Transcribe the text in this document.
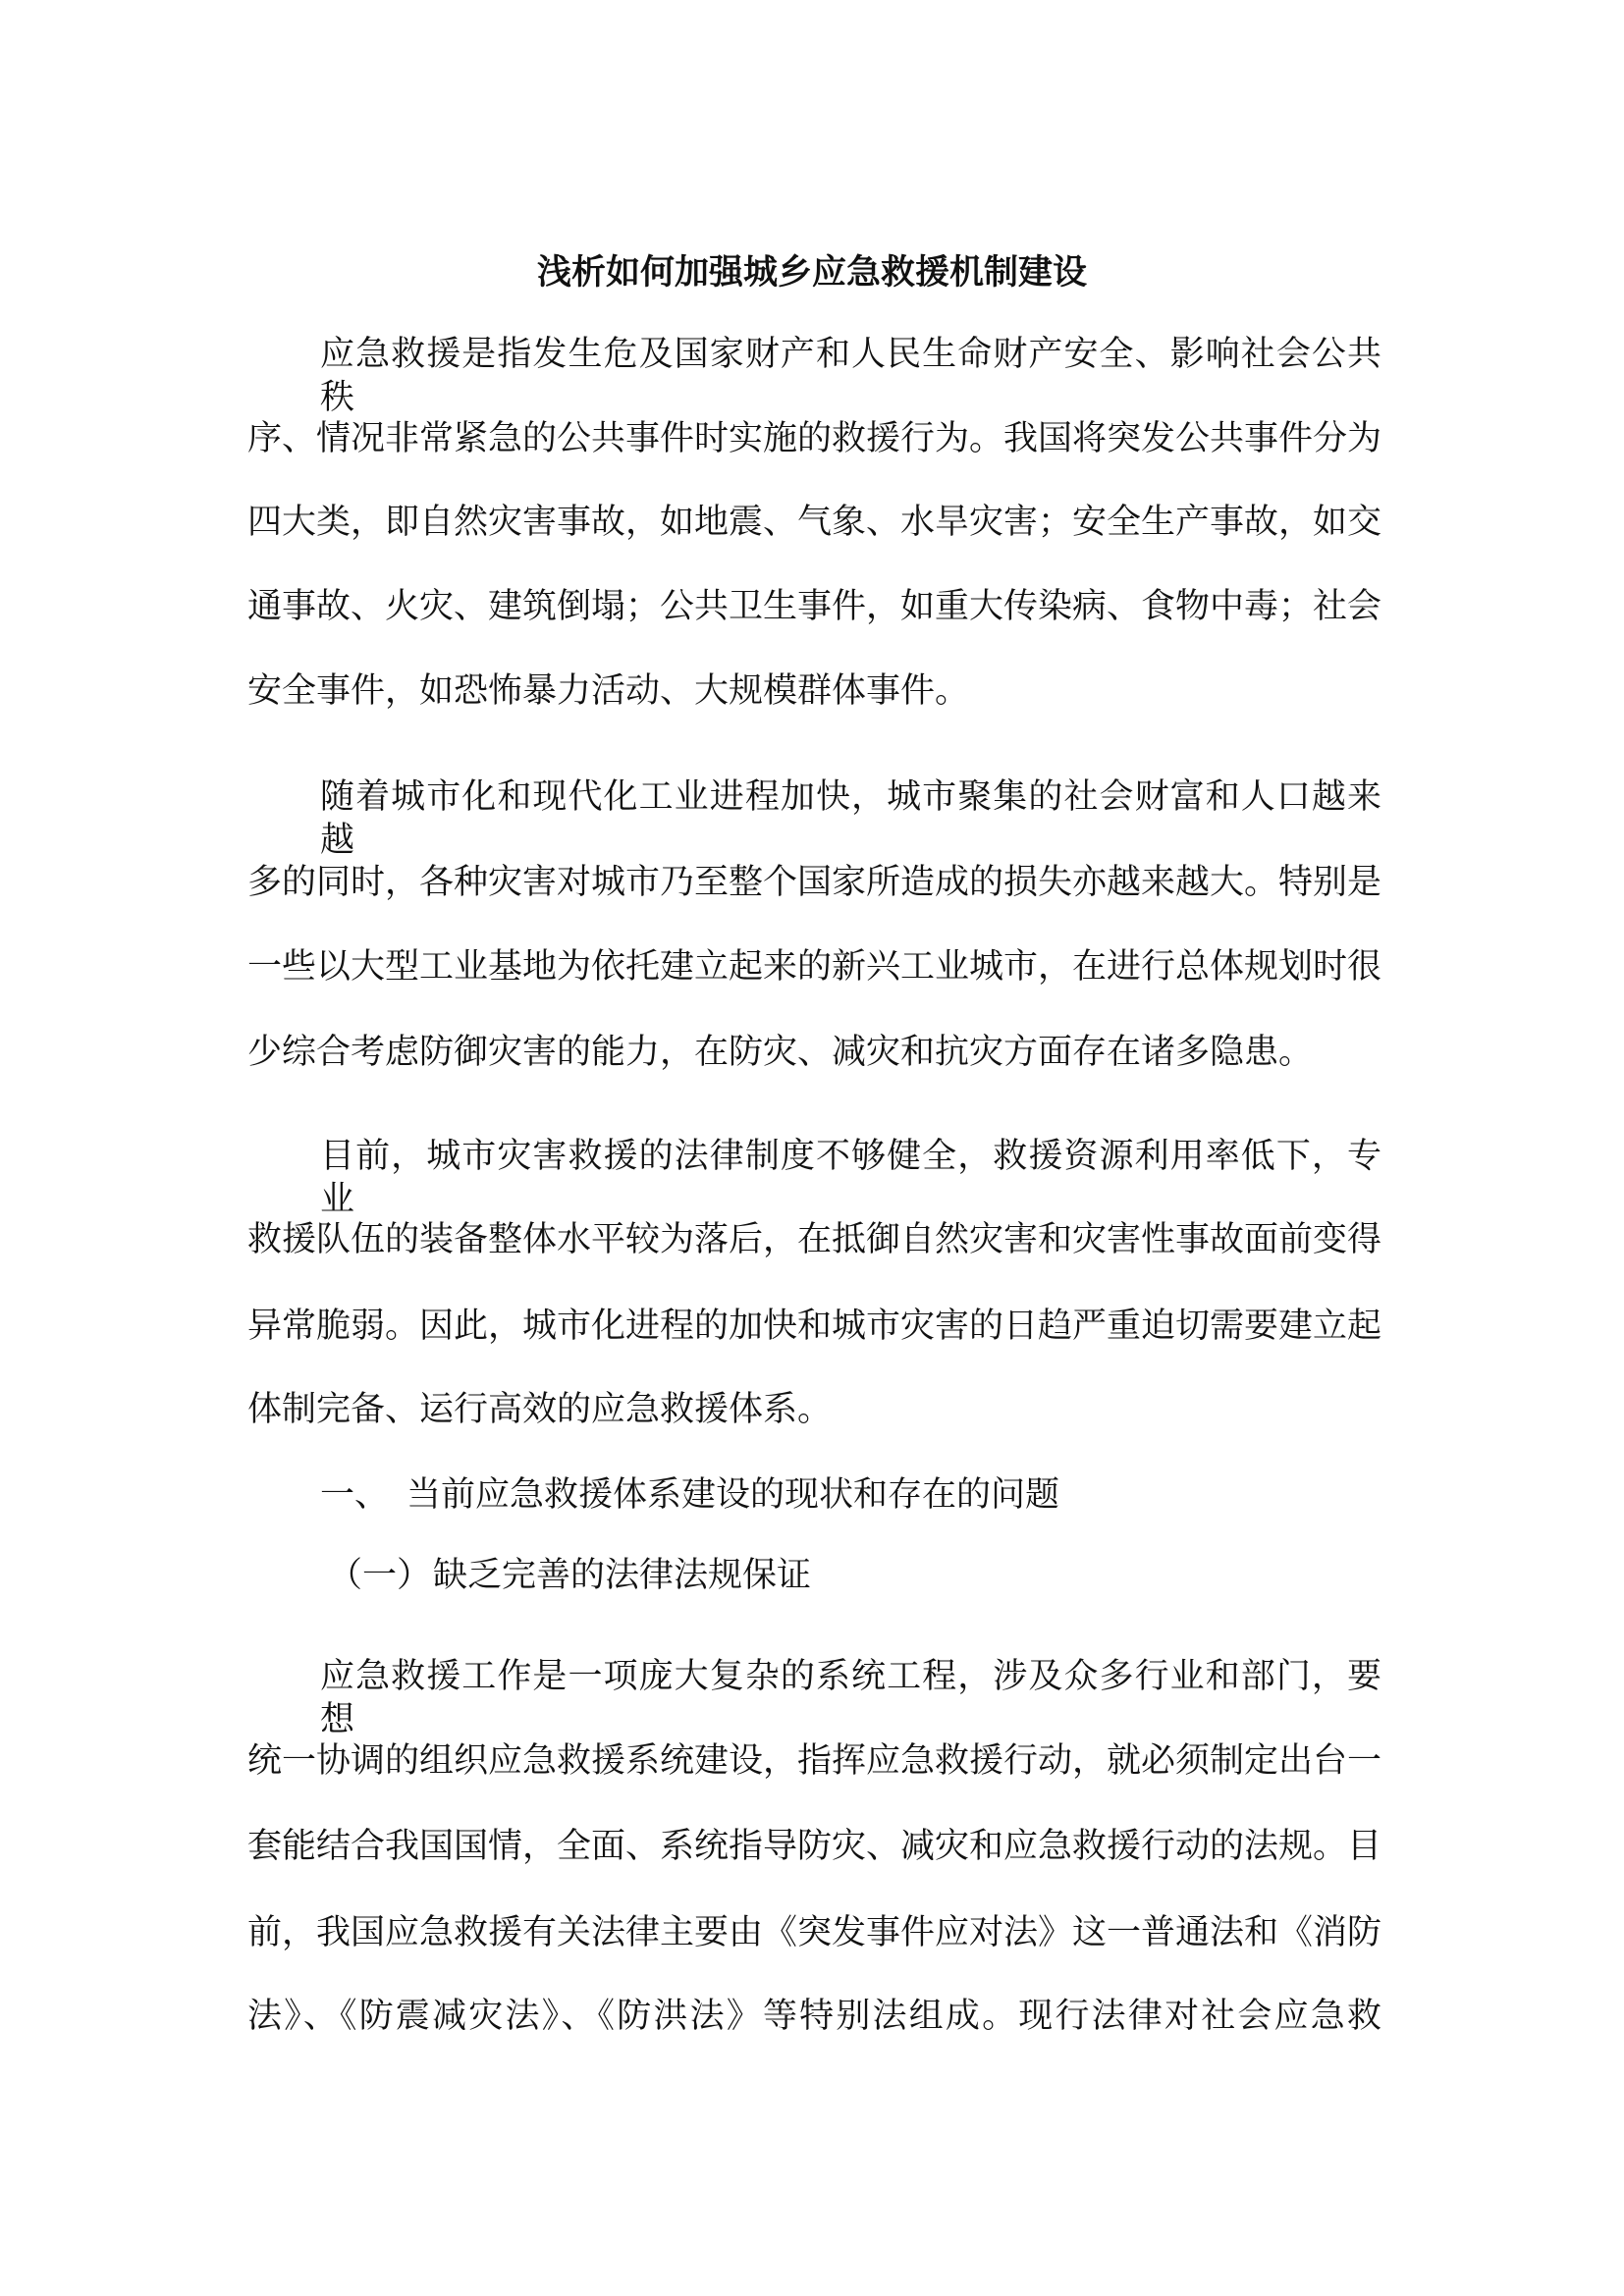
浅析如何加强城乡应急救援机制建设
应急救援是指发生危及国家财产和人民生命财产安全、影响社会公共秩
序、情况非常紧急的公共事件时实施的救援行为。我国将突发公共事件分为
四大类，即自然灾害事故，如地震、气象、水旱灾害；安全生产事故，如交
通事故、火灾、建筑倒塌；公共卫生事件，如重大传染病、食物中毒；社会
安全事件，如恐怖暴力活动、大规模群体事件。
随着城市化和现代化工业进程加快，城市聚集的社会财富和人口越来越
多的同时，各种灾害对城市乃至整个国家所造成的损失亦越来越大。特别是
一些以大型工业基地为依托建立起来的新兴工业城市，在进行总体规划时很
少综合考虑防御灾害的能力，在防灾、减灾和抗灾方面存在诸多隐患。
目前，城市灾害救援的法律制度不够健全，救援资源利用率低下，专业
救援队伍的装备整体水平较为落后，在抵御自然灾害和灾害性事故面前变得
异常脆弱。因此，城市化进程的加快和城市灾害的日趋严重迫切需要建立起
体制完备、运行高效的应急救援体系。
一、 当前应急救援体系建设的现状和存在的问题
（一） 缺乏完善的法律法规保证
应急救援工作是一项庞大复杂的系统工程，涉及众多行业和部门，要想
统一协调的组织应急救援系统建设，指挥应急救援行动，就必须制定出台一
套能结合我国国情，全面、系统指导防灾、减灾和应急救援行动的法规。目
前，我国应急救援有关法律主要由《突发事件应对法》这一普通法和《消防
法》、《防震减灾法》、《防洪法》等特别法组成。现行法律对社会应急救
